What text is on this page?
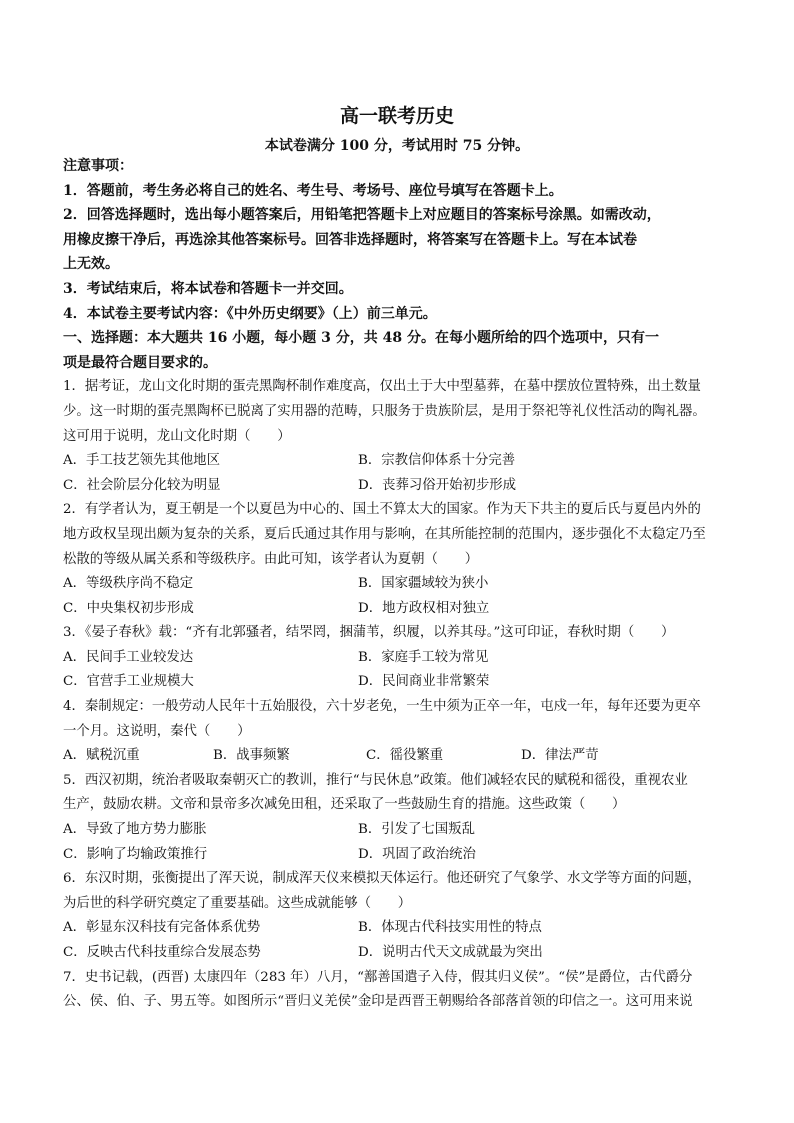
高一联考历史
本试卷满分 100 分，考试用时 75 分钟。
注意事项：
1．答题前，考生务必将自己的姓名、考生号、考场号、座位号填写在答题卡上。
2．回答选择题时，选出每小题答案后，用铅笔把答题卡上对应题目的答案标号涂黑。如需改动，
用橡皮擦干净后，再选涂其他答案标号。回答非选择题时，将答案写在答题卡上。写在本试卷
上无效。
3．考试结束后，将本试卷和答题卡一并交回。
4．本试卷主要考试内容：《中外历史纲要》（上）前三单元。
一、选择题：本大题共 16 小题，每小题 3 分，共 48 分。在每小题所给的四个选项中，只有一
项是最符合题目要求的。
1．据考证，龙山文化时期的蛋壳黑陶杯制作难度高，仅出土于大中型墓葬，在墓中摆放位置特殊，出土数量
少。这一时期的蛋壳黑陶杯已脱离了实用器的范畴，只服务于贵族阶层，是用于祭祀等礼仪性活动的陶礼器。
这可用于说明，龙山文化时期（　　）
A．手工技艺领先其他地区	B．宗教信仰体系十分完善
C．社会阶层分化较为明显	D．丧葬习俗开始初步形成
2．有学者认为，夏王朝是一个以夏邑为中心的、国土不算太大的国家。作为天下共主的夏后氏与夏邑内外的
地方政权呈现出颇为复杂的关系，夏后氏通过其作用与影响，在其所能控制的范围内，逐步强化不太稳定乃至
松散的等级从属关系和等级秩序。由此可知，该学者认为夏朝（　　）
A．等级秩序尚不稳定	B．国家疆域较为狭小
C．中央集权初步形成	D．地方政权相对独立
3．《晏子春秋》载：“齐有北郭骚者，结罘罔，捆蒲苇，织履，以养其母。”这可印证，春秋时期（　　）
A．民间手工业较发达	B．家庭手工较为常见
C．官营手工业规模大	D．民间商业非常繁荣
4．秦制规定：一般劳动人民年十五始服役，六十岁老免，一生中须为正卒一年，屯戍一年，每年还要为更卒
一个月。这说明，秦代（　　）
A．赋税沉重	B．战事频繁	C．徭役繁重	D．律法严苛
5．西汉初期，统治者吸取秦朝灭亡的教训，推行“与民休息”政策。他们减轻农民的赋税和徭役，重视农业
生产，鼓励农耕。文帝和景帝多次减免田租，还采取了一些鼓励生育的措施。这些政策（　　）
A．导致了地方势力膨胀	B．引发了七国叛乱
C．影响了均输政策推行	D．巩固了政治统治
6．东汉时期，张衡提出了浑天说，制成浑天仪来模拟天体运行。他还研究了气象学、水文学等方面的问题，
为后世的科学研究奠定了重要基础。这些成就能够（　　）
A．彰显东汉科技有完备体系优势	B．体现古代科技实用性的特点
C．反映古代科技重综合发展态势	D．说明古代天文成就最为突出
7．史书记载，(西晋) 太康四年（283 年）八月，“鄯善国遣子入侍，假其归义侯”。“侯”是爵位，古代爵分
公、侯、伯、子、男五等。如图所示“晋归义羌侯”金印是西晋王朝赐给各部落首领的印信之一。这可用来说
